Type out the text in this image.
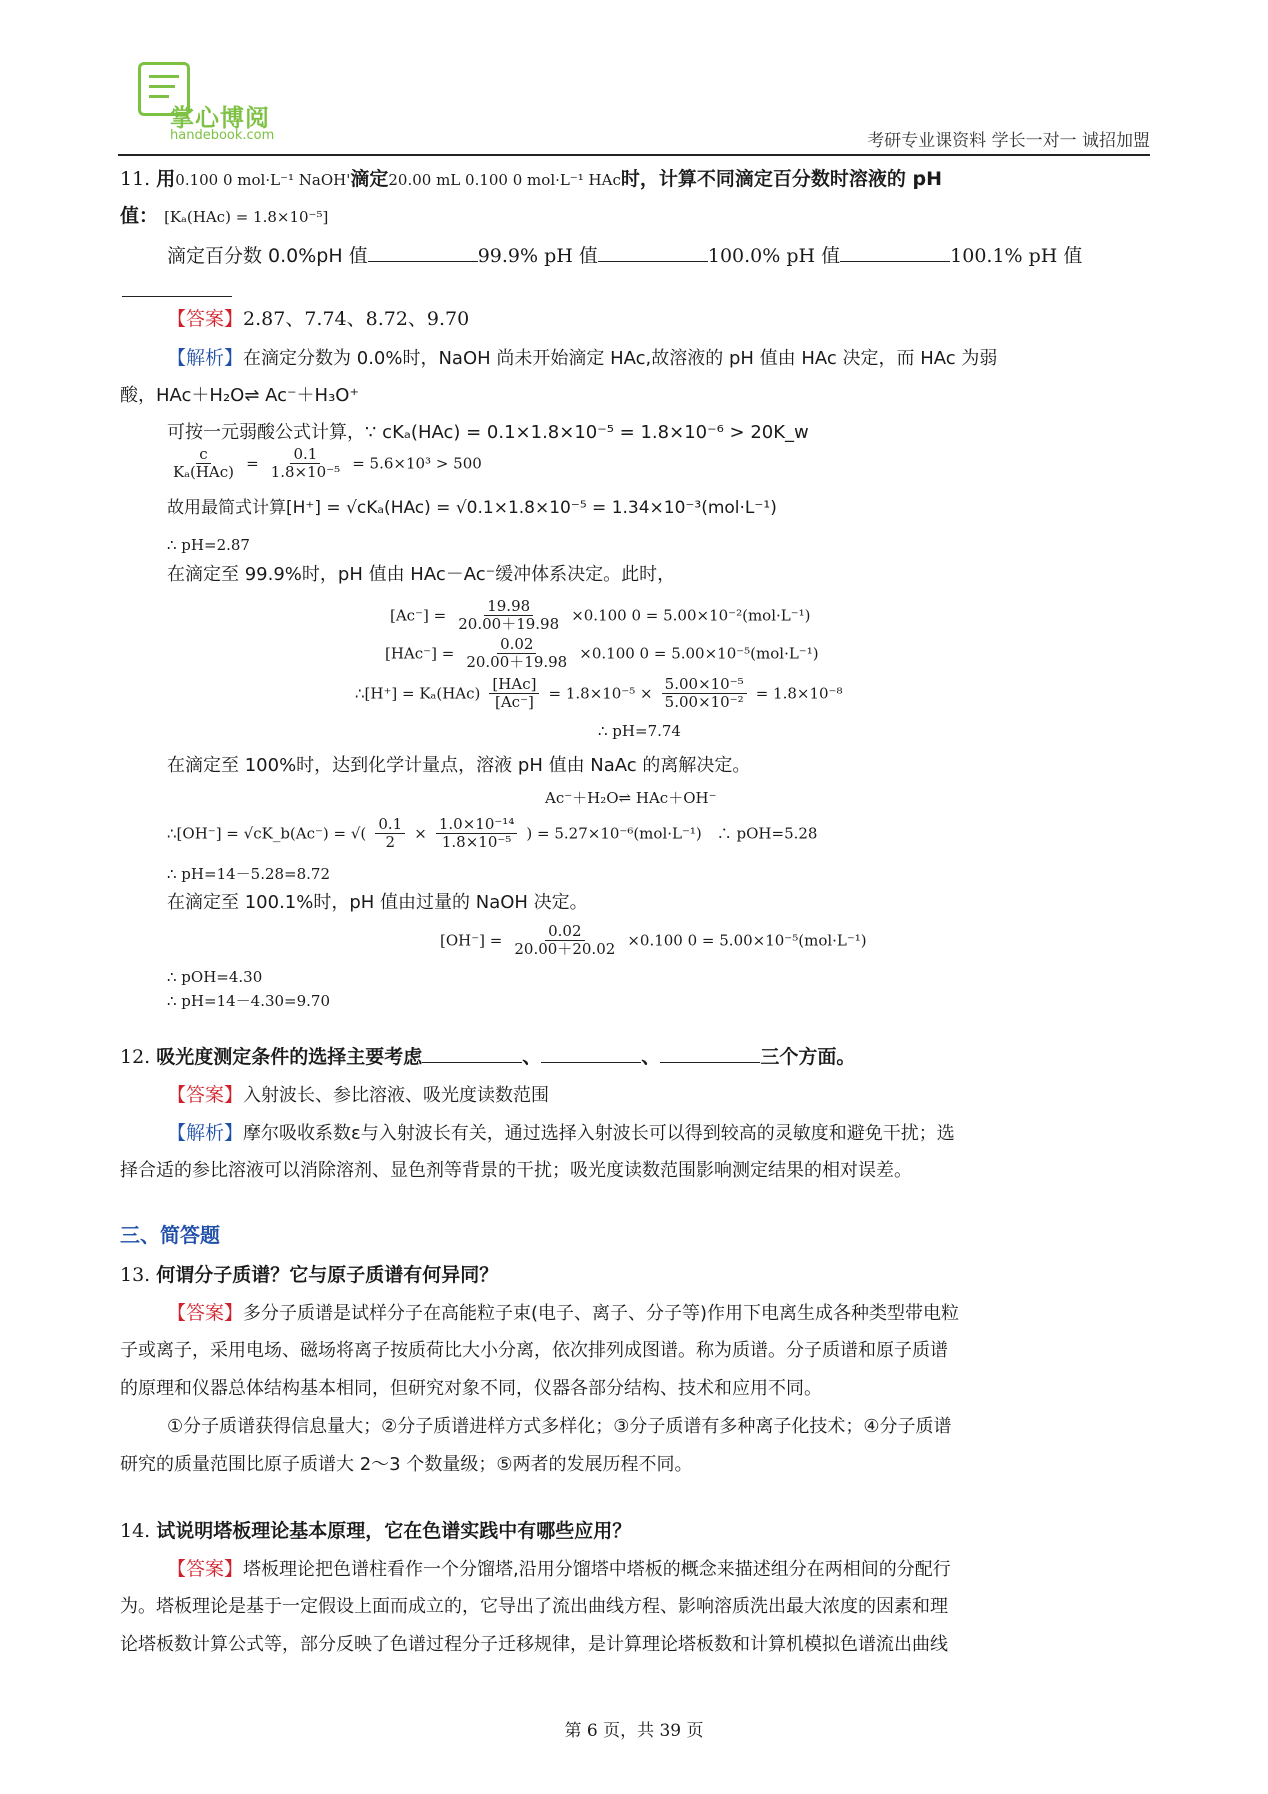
掌心博阅
handebook.com	考研专业课资料 学长一对一 诚招加盟
11. 用0.100 0 mol·L⁻¹ NaOH'滴定20.00 mL 0.100 0 mol·L⁻¹ HAc时，计算不同滴定百分数时溶液的 pH
值： [Kₐ(HAc) = 1.8×10⁻⁵]
滴定百分数 0.0%pH 值	99.9% pH 值	100.0% pH 值	100.1% pH 值
【答案】2.87、7.74、8.72、9.70
【解析】在滴定分数为 0.0%时，NaOH 尚未开始滴定 HAc,故溶液的 pH 值由 HAc 决定，而 HAc 为弱
酸，HAc＋H₂O⇌ Ac⁻＋H₃O⁺
可按一元弱酸公式计算，∵ cKₐ(HAc) = 0.1×1.8×10⁻⁵ = 1.8×10⁻⁶ > 20K_w
$\frac{c}{\text{Kₐ(HAc)}} = \frac{0.1}{\text{1.8×10⁻⁵}} = 5.6\times 10^3 > 500$
故用最简式计算[H⁺] = √cKₐ(HAc) = √0.1×1.8×10⁻⁵ = 1.34×10⁻³(mol·L⁻¹)
∴ pH=2.87
在滴定至 99.9%时，pH 值由 HAc－Ac⁻缓冲体系决定。此时，
$[Ac^-] = \frac{19.98}{20.00+19.98} \times 0.100$ 0 = 5.00×10⁻²(mol·L⁻¹)
$[HAc^-] = \frac{0.02}{20.00+19.98} \times 0.100$ 0 = 5.00×10⁻⁵(mol·L⁻¹)
∴[H⁺] = $K_a(HAc) \frac{\text{[HAc]}}{[Ac^-]} = 1.8\times 10^{-5} \times \frac{\text{5.00×10⁻⁵}}{\text{5.00×10⁻²}} = 1.8\times 10^{-8}$
∴ pH=7.74
在滴定至 100%时，达到化学计量点，溶液 pH 值由 NaAc 的离解决定。
Ac⁻＋H₂O⇌ HAc＋OH⁻
∴[OH⁻] = √cK_b(Ac⁻) = √( $\frac{0.1}{2} \times \frac{\text{1.0×10⁻¹⁴}}{\text{1.8×10⁻⁵}}$ ) = 5.27×10⁻⁶(mol·L⁻¹)　∴ pOH=5.28
∴ pH=14－5.28=8.72
在滴定至 100.1%时，pH 值由过量的 NaOH 决定。
$[OH^-] = \frac{0.02}{20.00+20.02} \times 0.100$ 0 = 5.00×10⁻⁵(mol·L⁻¹)
∴ pOH=4.30
∴ pH=14－4.30=9.70
12. 吸光度测定条件的选择主要考虑	、	、	三个方面。
【答案】入射波长、参比溶液、吸光度读数范围
【解析】摩尔吸收系数ε与入射波长有关，通过选择入射波长可以得到较高的灵敏度和避免干扰；选
择合适的参比溶液可以消除溶剂、显色剂等背景的干扰；吸光度读数范围影响测定结果的相对误差。
三、简答题
13. 何谓分子质谱？它与原子质谱有何异同？
【答案】多分子质谱是试样分子在高能粒子束(电子、离子、分子等)作用下电离生成各种类型带电粒
子或离子，采用电场、磁场将离子按质荷比大小分离，依次排列成图谱。称为质谱。分子质谱和原子质谱
的原理和仪器总体结构基本相同，但研究对象不同，仪器各部分结构、技术和应用不同。
①分子质谱获得信息量大；②分子质谱进样方式多样化；③分子质谱有多种离子化技术；④分子质谱
研究的质量范围比原子质谱大 2～3 个数量级；⑤两者的发展历程不同。
14. 试说明塔板理论基本原理，它在色谱实践中有哪些应用？
【答案】塔板理论把色谱柱看作一个分馏塔,沿用分馏塔中塔板的概念来描述组分在两相间的分配行
为。塔板理论是基于一定假设上面而成立的，它导出了流出曲线方程、影响溶质洗出最大浓度的因素和理
论塔板数计算公式等，部分反映了色谱过程分子迁移规律，是计算理论塔板数和计算机模拟色谱流出曲线
第 6 页，共 39 页
